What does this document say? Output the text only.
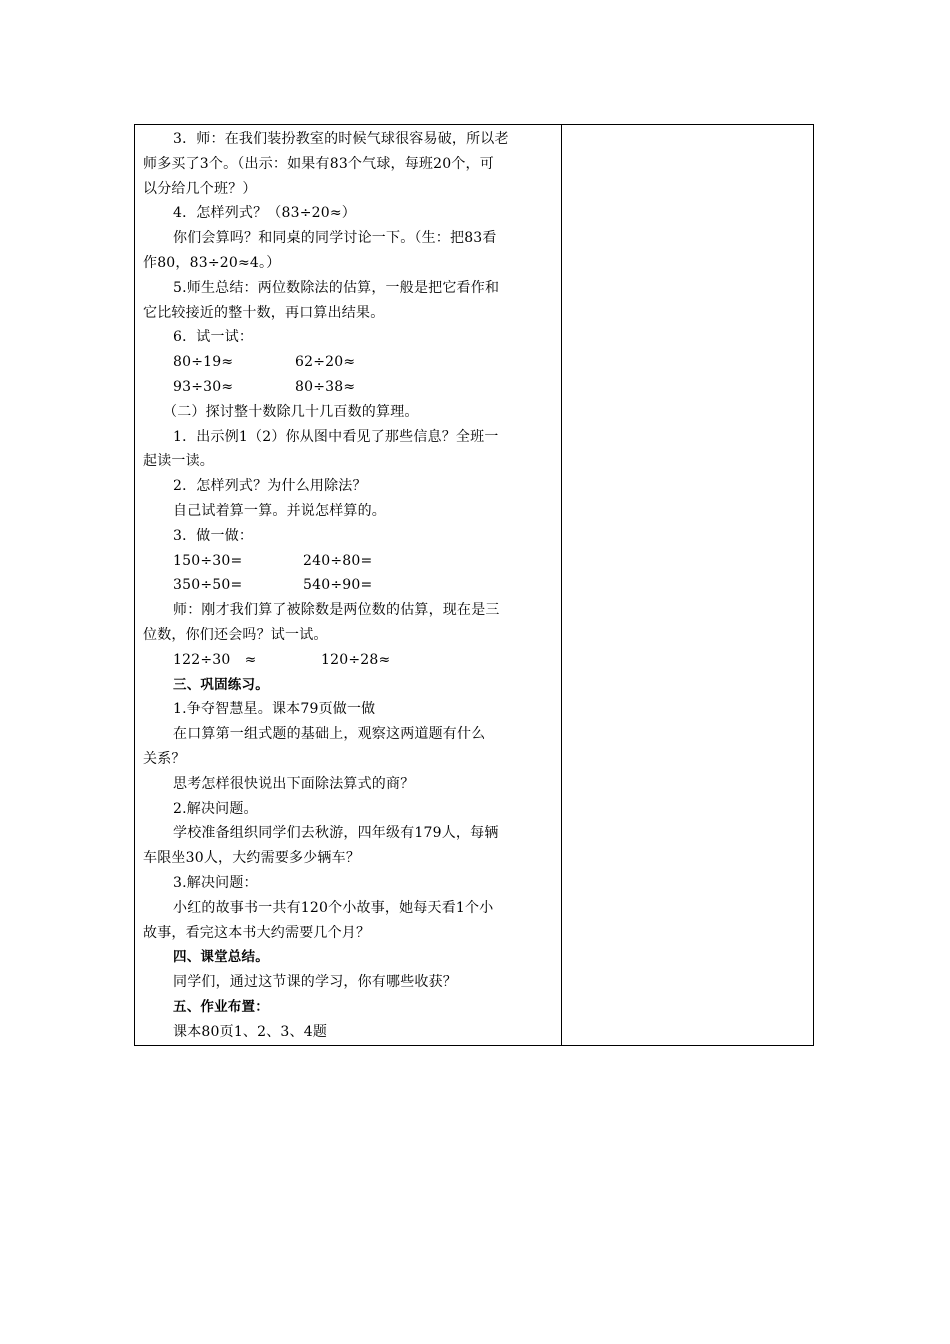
3．师：在我们装扮教室的时候气球很容易破，所以老
师多买了3个。（出示：如果有83个气球，每班20个，可
以分给几个班？）
4．怎样列式？（83÷20≈）
你们会算吗？和同桌的同学讨论一下。（生：把83看
作80，83÷20≈4。）
5.师生总结：两位数除法的估算，一般是把它看作和
它比较接近的整十数，再口算出结果。
6．试一试：
80÷19≈	62÷20≈
93÷30≈	80÷38≈
（二）探讨整十数除几十几百数的算理。
1．出示例1（2）你从图中看见了那些信息？全班一
起读一读。
2．怎样列式？为什么用除法？
自己试着算一算。并说怎样算的。
3．做一做：
150÷30=	240÷80=
350÷50=	540÷90=
师：刚才我们算了被除数是两位数的估算，现在是三
位数，你们还会吗？试一试。
122÷30　≈	120÷28≈
三、巩固练习。
1.争夺智慧星。课本79页做一做
在口算第一组式题的基础上，观察这两道题有什么
关系？
思考怎样很快说出下面除法算式的商？
2.解决问题。
学校准备组织同学们去秋游，四年级有179人，每辆
车限坐30人，大约需要多少辆车？
3.解决问题：
小红的故事书一共有120个小故事，她每天看1个小
故事，看完这本书大约需要几个月？
四、课堂总结。
同学们，通过这节课的学习，你有哪些收获？
五、作业布置：
课本80页1、2、3、4题
